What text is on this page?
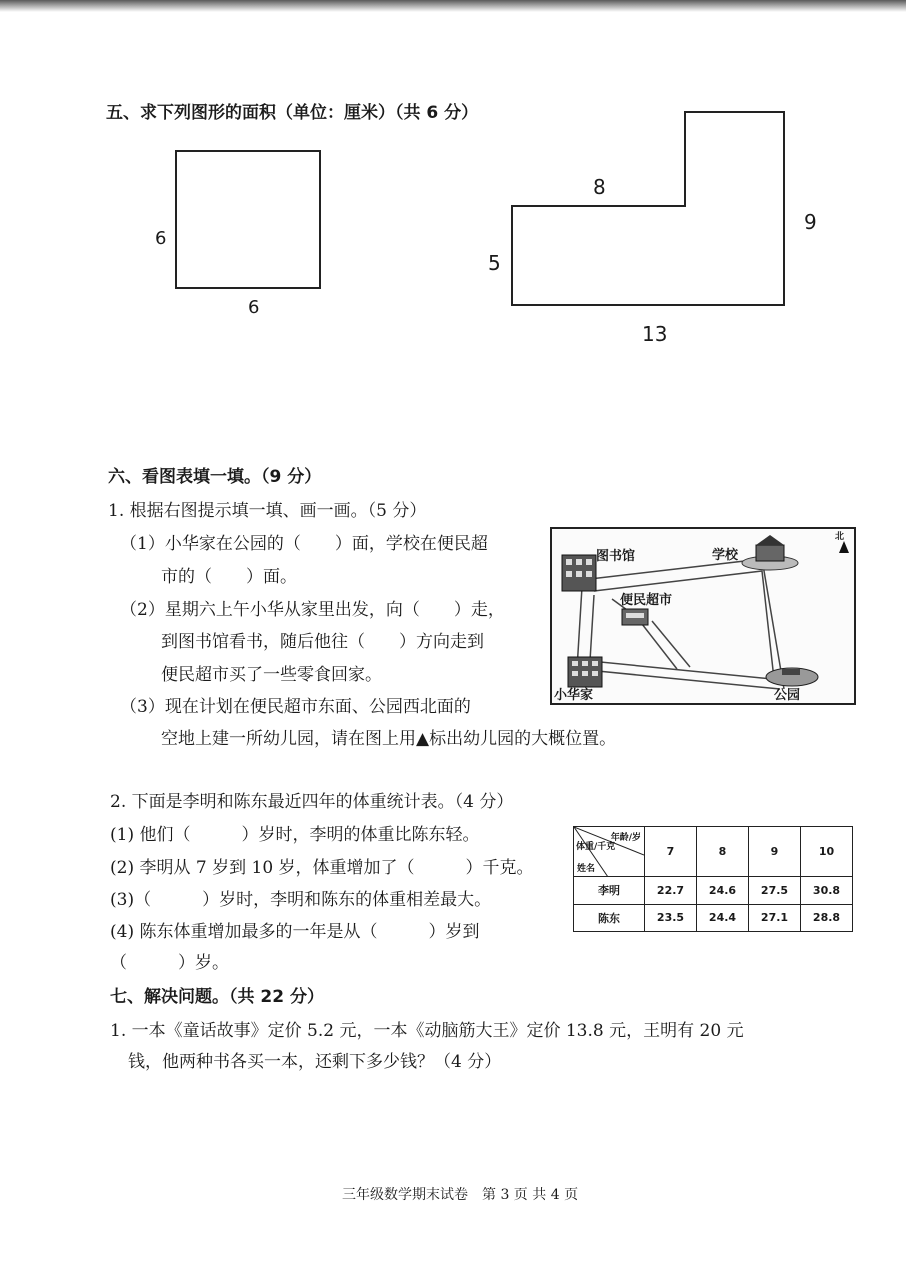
五、求下列图形的面积（单位：厘米）（共 6 分）
6
6
8
9
5
13
六、看图表填一填。（9 分）
1. 根据右图提示填一填、画一画。（5 分）
（1）小华家在公园的（　　）面，学校在便民超
市的（　　）面。
（2）星期六上午小华从家里出发，向（　　）走，
到图书馆看书，随后他往（　　）方向走到
便民超市买了一些零食回家。
（3）现在计划在便民超市东面、公园西北面的
空地上建一所幼儿园，请在图上用▲标出幼儿园的大概位置。
图书馆	学校
便民超市
小华家	公园
北
2. 下面是李明和陈东最近四年的体重统计表。（4 分）
(1) 他们（　　　）岁时，李明的体重比陈东轻。
(2) 李明从 7 岁到 10 岁，体重增加了（　　　）千克。
(3)（　　　）岁时，李明和陈东的体重相差最大。
(4) 陈东体重增加最多的一年是从（　　　）岁到
（　　　）岁。
年龄/岁
体重/千克
姓名	7	8	9	10
李明	22.7	24.6	27.5	30.8
陈东	23.5	24.4	27.1	28.8
七、解决问题。（共 22 分）
1. 一本《童话故事》定价 5.2 元，一本《动脑筋大王》定价 13.8 元，王明有 20 元
钱，他两种书各买一本，还剩下多少钱？（4 分）
三年级数学期末试卷　第 3 页 共 4 页
